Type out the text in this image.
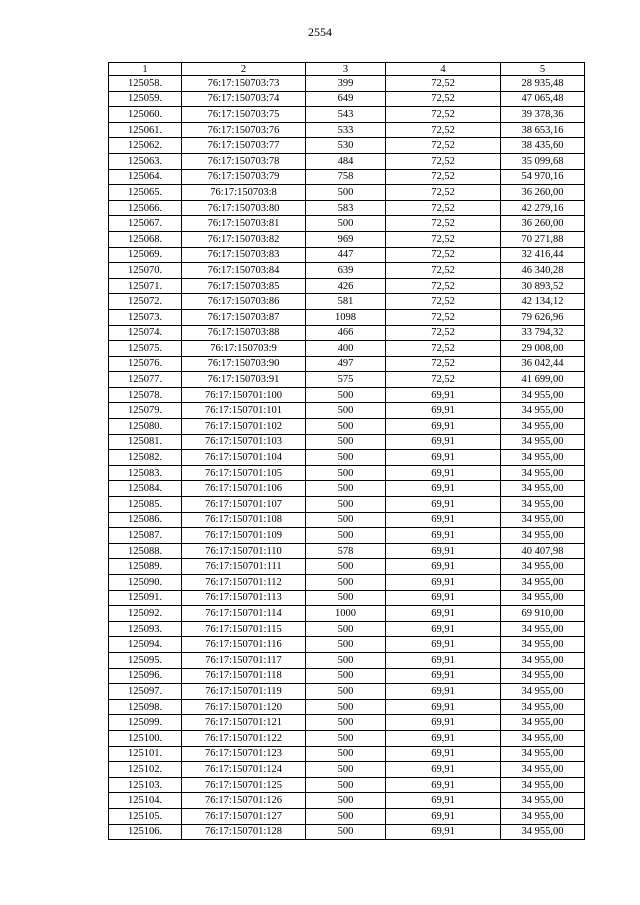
2554
1	2	3	4	5
125058.	76:17:150703:73	399	72,52	28 935,48
125059.	76:17:150703:74	649	72,52	47 065,48
125060.	76:17:150703:75	543	72,52	39 378,36
125061.	76:17:150703:76	533	72,52	38 653,16
125062.	76:17:150703:77	530	72,52	38 435,60
125063.	76:17:150703:78	484	72,52	35 099,68
125064.	76:17:150703:79	758	72,52	54 970,16
125065.	76:17:150703:8	500	72,52	36 260,00
125066.	76:17:150703:80	583	72,52	42 279,16
125067.	76:17:150703:81	500	72,52	36 260,00
125068.	76:17:150703:82	969	72,52	70 271,88
125069.	76:17:150703:83	447	72,52	32 416,44
125070.	76:17:150703:84	639	72,52	46 340,28
125071.	76:17:150703:85	426	72,52	30 893,52
125072.	76:17:150703:86	581	72,52	42 134,12
125073.	76:17:150703:87	1098	72,52	79 626,96
125074.	76:17:150703:88	466	72,52	33 794,32
125075.	76:17:150703:9	400	72,52	29 008,00
125076.	76:17:150703:90	497	72,52	36 042,44
125077.	76:17:150703:91	575	72,52	41 699,00
125078.	76:17:150701:100	500	69,91	34 955,00
125079.	76:17:150701:101	500	69,91	34 955,00
125080.	76:17:150701:102	500	69,91	34 955,00
125081.	76:17:150701:103	500	69,91	34 955,00
125082.	76:17:150701:104	500	69,91	34 955,00
125083.	76:17:150701:105	500	69,91	34 955,00
125084.	76:17:150701:106	500	69,91	34 955,00
125085.	76:17:150701:107	500	69,91	34 955,00
125086.	76:17:150701:108	500	69,91	34 955,00
125087.	76:17:150701:109	500	69,91	34 955,00
125088.	76:17:150701:110	578	69,91	40 407,98
125089.	76:17:150701:111	500	69,91	34 955,00
125090.	76:17:150701:112	500	69,91	34 955,00
125091.	76:17:150701:113	500	69,91	34 955,00
125092.	76:17:150701:114	1000	69,91	69 910,00
125093.	76:17:150701:115	500	69,91	34 955,00
125094.	76:17:150701:116	500	69,91	34 955,00
125095.	76:17:150701:117	500	69,91	34 955,00
125096.	76:17:150701:118	500	69,91	34 955,00
125097.	76:17:150701:119	500	69,91	34 955,00
125098.	76:17:150701:120	500	69,91	34 955,00
125099.	76:17:150701:121	500	69,91	34 955,00
125100.	76:17:150701:122	500	69,91	34 955,00
125101.	76:17:150701:123	500	69,91	34 955,00
125102.	76:17:150701:124	500	69,91	34 955,00
125103.	76:17:150701:125	500	69,91	34 955,00
125104.	76:17:150701:126	500	69,91	34 955,00
125105.	76:17:150701:127	500	69,91	34 955,00
125106.	76:17:150701:128	500	69,91	34 955,00
